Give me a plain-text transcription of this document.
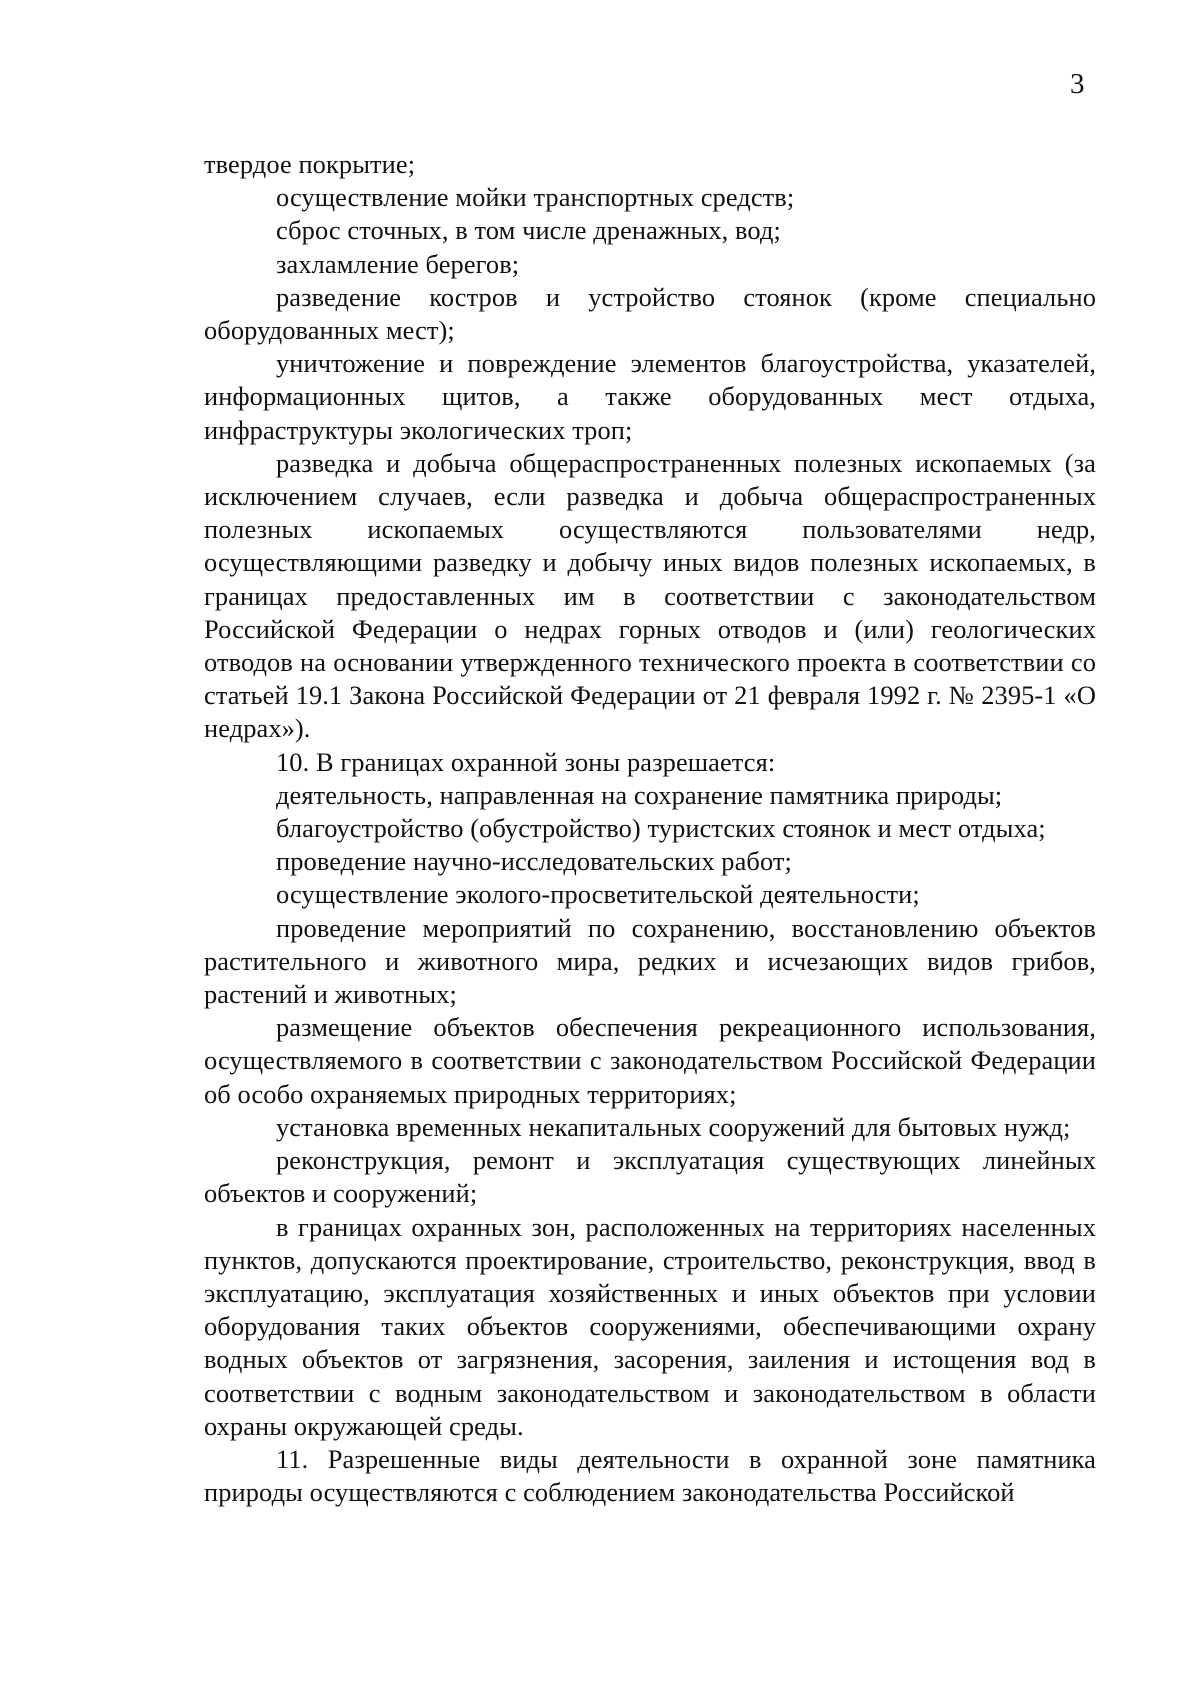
3

твердое покрытие;

осуществление мойки транспортных средств;

сброс сточных, в том числе дренажных, вод;

захламление берегов;

разведение костров и устройство стоянок (кроме специально оборудованных мест);

уничтожение и повреждение элементов благоустройства, указателей, информационных щитов, а также оборудованных мест отдыха, инфраструктуры экологических троп;

разведка и добыча общераспространенных полезных ископаемых (за исключением случаев, если разведка и добыча общераспространенных полезных ископаемых осуществляются пользователями недр, осуществляющими разведку и добычу иных видов полезных ископаемых, в границах предоставленных им в соответствии с законодательством Российской Федерации о недрах горных отводов и (или) геологических отводов на основании утвержденного технического проекта в соответствии со статьей 19.1 Закона Российской Федерации от 21 февраля 1992 г. № 2395-1 «О недрах»).

10. В границах охранной зоны разрешается:

деятельность, направленная на сохранение памятника природы;

благоустройство (обустройство) туристских стоянок и мест отдыха;

проведение научно-исследовательских работ;

осуществление эколого-просветительской деятельности;

проведение мероприятий по сохранению, восстановлению объектов растительного и животного мира, редких и исчезающих видов грибов, растений и животных;

размещение объектов обеспечения рекреационного использования, осуществляемого в соответствии с законодательством Российской Федерации об особо охраняемых природных территориях;

установка временных некапитальных сооружений для бытовых нужд;

реконструкция, ремонт и эксплуатация существующих линейных объектов и сооружений;

в границах охранных зон, расположенных на территориях населенных пунктов, допускаются проектирование, строительство, реконструкция, ввод в эксплуатацию, эксплуатация хозяйственных и иных объектов при условии оборудования таких объектов сооружениями, обеспечивающими охрану водных объектов от загрязнения, засорения, заиления и истощения вод в соответствии с водным законодательством и законодательством в области охраны окружающей среды.

11. Разрешенные виды деятельности в охранной зоне памятника природы осуществляются с соблюдением законодательства Российской
